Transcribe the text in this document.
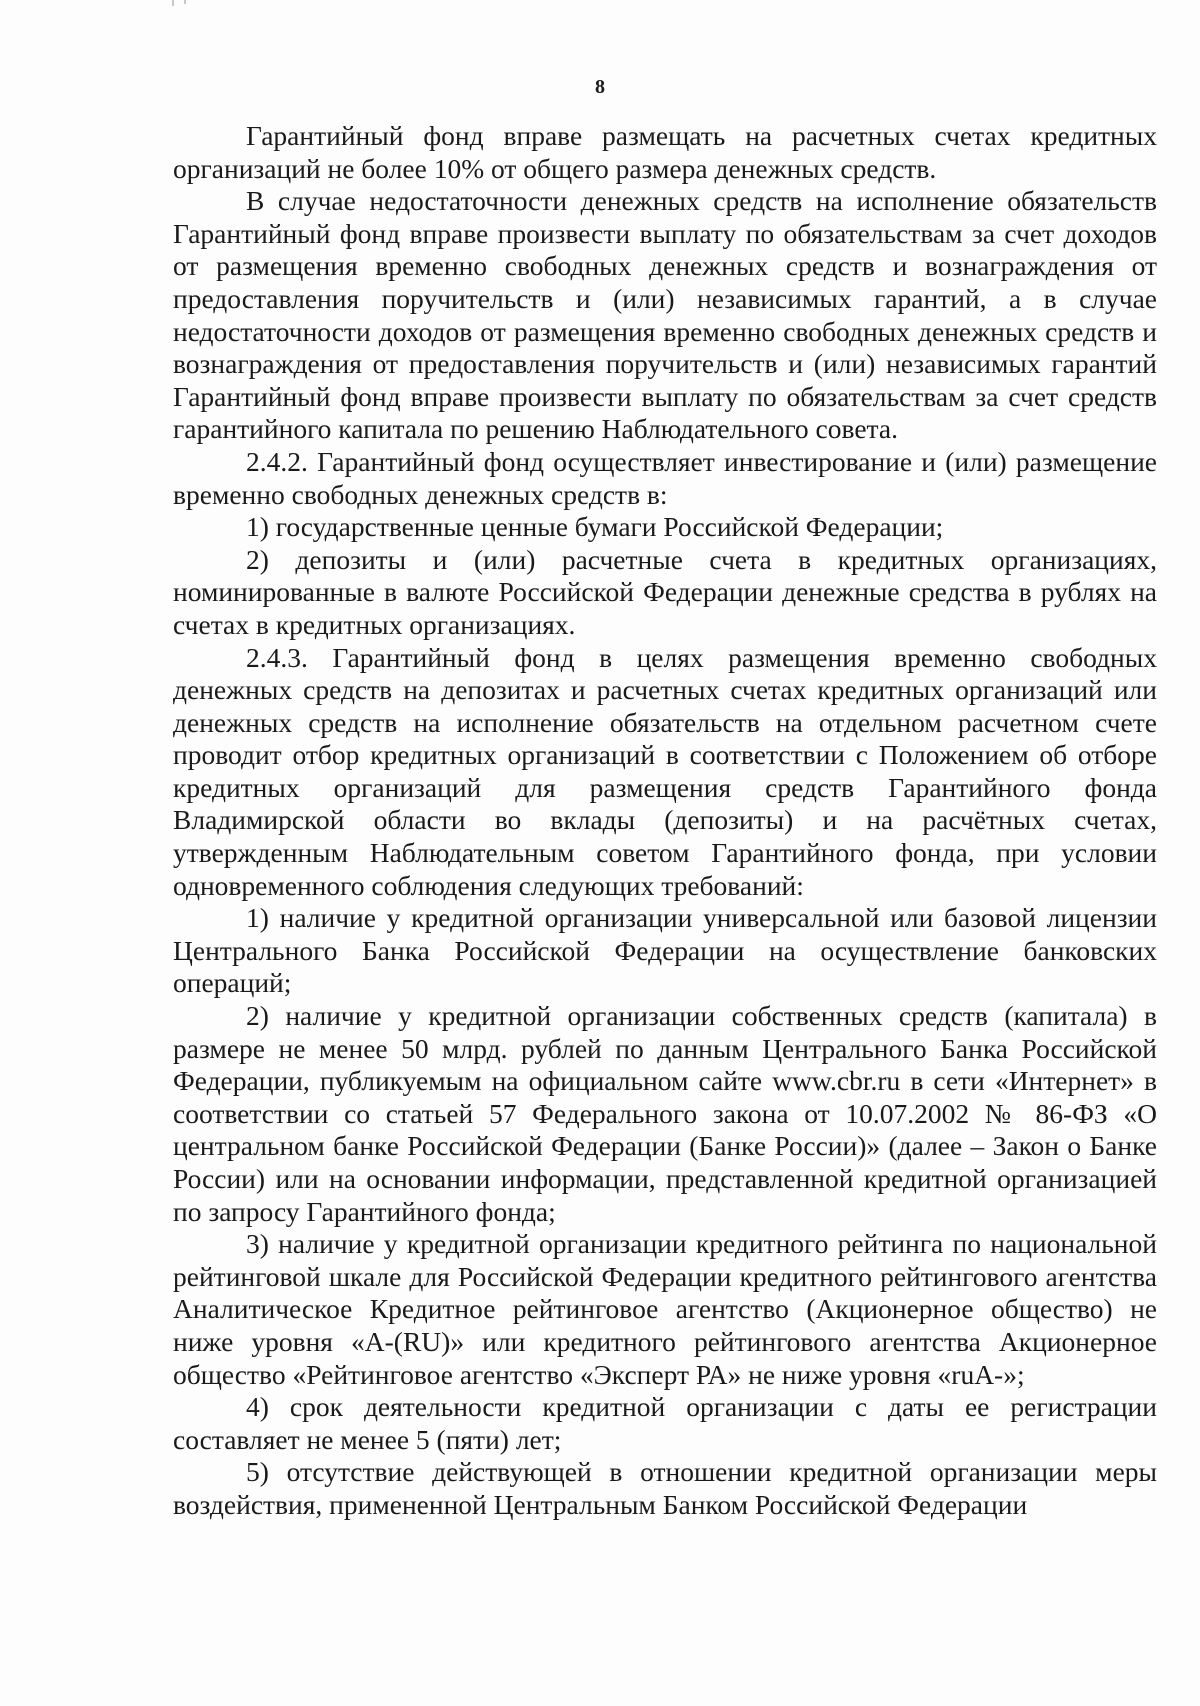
8

Гарантийный фонд вправе размещать на расчетных счетах кредитных организаций не более 10% от общего размера денежных средств.

В случае недостаточности денежных средств на исполнение обязательств Гарантийный фонд вправе произвести выплату по обязательствам за счет доходов от размещения временно свободных денежных средств и вознаграждения от предоставления поручительств и (или) независимых гарантий, а в случае недостаточности доходов от размещения временно свободных денежных средств и вознаграждения от предоставления поручительств и (или) независимых гарантий Гарантийный фонд вправе произвести выплату по обязательствам за счет средств гарантийного капитала по решению Наблюдательного совета.

2.4.2. Гарантийный фонд осуществляет инвестирование и (или) размещение временно свободных денежных средств в:

1) государственные ценные бумаги Российской Федерации;

2) депозиты и (или) расчетные счета в кредитных организациях, номинированные в валюте Российской Федерации денежные средства в рублях на счетах в кредитных организациях.

2.4.3. Гарантийный фонд в целях размещения временно свободных денежных средств на депозитах и расчетных счетах кредитных организаций или денежных средств на исполнение обязательств на отдельном расчетном счете проводит отбор кредитных организаций в соответствии с Положением об отборе кредитных организаций для размещения средств Гарантийного фонда Владимирской области во вклады (депозиты) и на расчётных счетах, утвержденным Наблюдательным советом Гарантийного фонда, при условии одновременного соблюдения следующих требований:

1) наличие у кредитной организации универсальной или базовой лицензии Центрального Банка Российской Федерации на осуществление банковских операций;

2) наличие у кредитной организации собственных средств (капитала) в размере не менее 50 млрд. рублей по данным Центрального Банка Российской Федерации, публикуемым на официальном сайте www.cbr.ru в сети «Интернет» в соответствии со статьей 57 Федерального закона от 10.07.2002 № 86-ФЗ «О центральном банке Российской Федерации (Банке России)» (далее – Закон о Банке России) или на основании информации, представленной кредитной организацией по запросу Гарантийного фонда;

3) наличие у кредитной организации кредитного рейтинга по национальной рейтинговой шкале для Российской Федерации кредитного рейтингового агентства Аналитическое Кредитное рейтинговое агентство (Акционерное общество) не ниже уровня «A-(RU)» или кредитного рейтингового агентства Акционерное общество «Рейтинговое агентство «Эксперт РА» не ниже уровня «ruA-»;

4) срок деятельности кредитной организации с даты ее регистрации составляет не менее 5 (пяти) лет;

5) отсутствие действующей в отношении кредитной организации меры воздействия, примененной Центральным Банком Российской Федерации
